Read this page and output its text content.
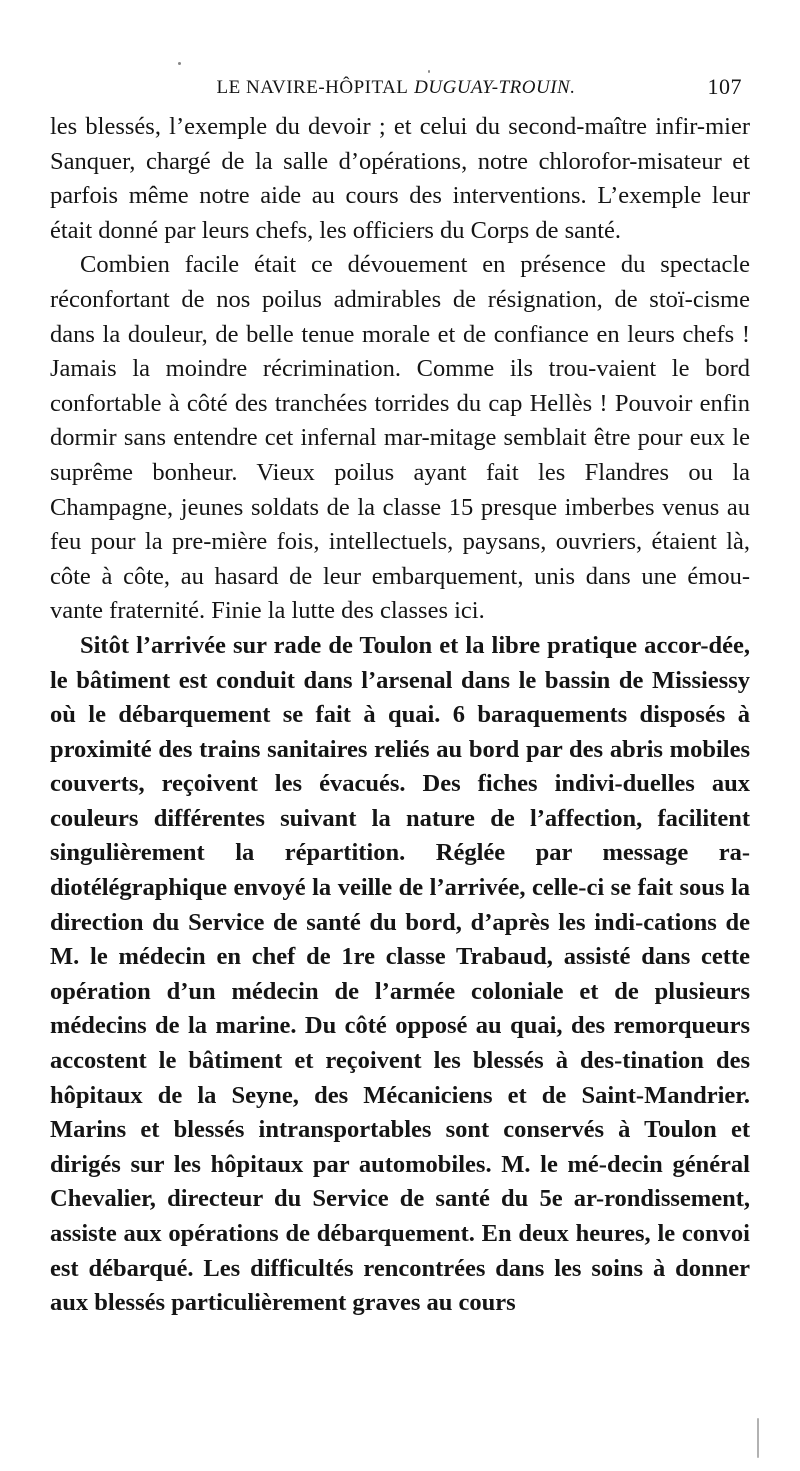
LE NAVIRE-HÔPITAL DUGUAY-TROUIN.	107

les blessés, l’exemple du devoir ; et celui du second-maître infir-mier Sanquer, chargé de la salle d’opérations, notre chlorofor-misateur et parfois même notre aide au cours des interventions. L’exemple leur était donné par leurs chefs, les officiers du Corps de santé.

Combien facile était ce dévouement en présence du spectacle réconfortant de nos poilus admirables de résignation, de stoï-cisme dans la douleur, de belle tenue morale et de confiance en leurs chefs ! Jamais la moindre récrimination. Comme ils trou-vaient le bord confortable à côté des tranchées torrides du cap Hellès ! Pouvoir enfin dormir sans entendre cet infernal mar-mitage semblait être pour eux le suprême bonheur. Vieux poilus ayant fait les Flandres ou la Champagne, jeunes soldats de la classe 15 presque imberbes venus au feu pour la pre-mière fois, intellectuels, paysans, ouvriers, étaient là, côte à côte, au hasard de leur embarquement, unis dans une émou-vante fraternité. Finie la lutte des classes ici.

Sitôt l’arrivée sur rade de Toulon et la libre pratique accor-dée, le bâtiment est conduit dans l’arsenal dans le bassin de Missiessy où le débarquement se fait à quai. 6 baraquements disposés à proximité des trains sanitaires reliés au bord par des abris mobiles couverts, reçoivent les évacués. Des fiches indivi-duelles aux couleurs différentes suivant la nature de l’affection, facilitent singulièrement la répartition. Réglée par message ra-diotélégraphique envoyé la veille de l’arrivée, celle-ci se fait sous la direction du Service de santé du bord, d’après les indi-cations de M. le médecin en chef de 1re classe Trabaud, assisté dans cette opération d’un médecin de l’armée coloniale et de plusieurs médecins de la marine. Du côté opposé au quai, des remorqueurs accostent le bâtiment et reçoivent les blessés à des-tination des hôpitaux de la Seyne, des Mécaniciens et de Saint-Mandrier. Marins et blessés intransportables sont conservés à Toulon et dirigés sur les hôpitaux par automobiles. M. le mé-decin général Chevalier, directeur du Service de santé du 5e ar-rondissement, assiste aux opérations de débarquement. En deux heures, le convoi est débarqué. Les difficultés rencontrées dans les soins à donner aux blessés particulièrement graves au cours
